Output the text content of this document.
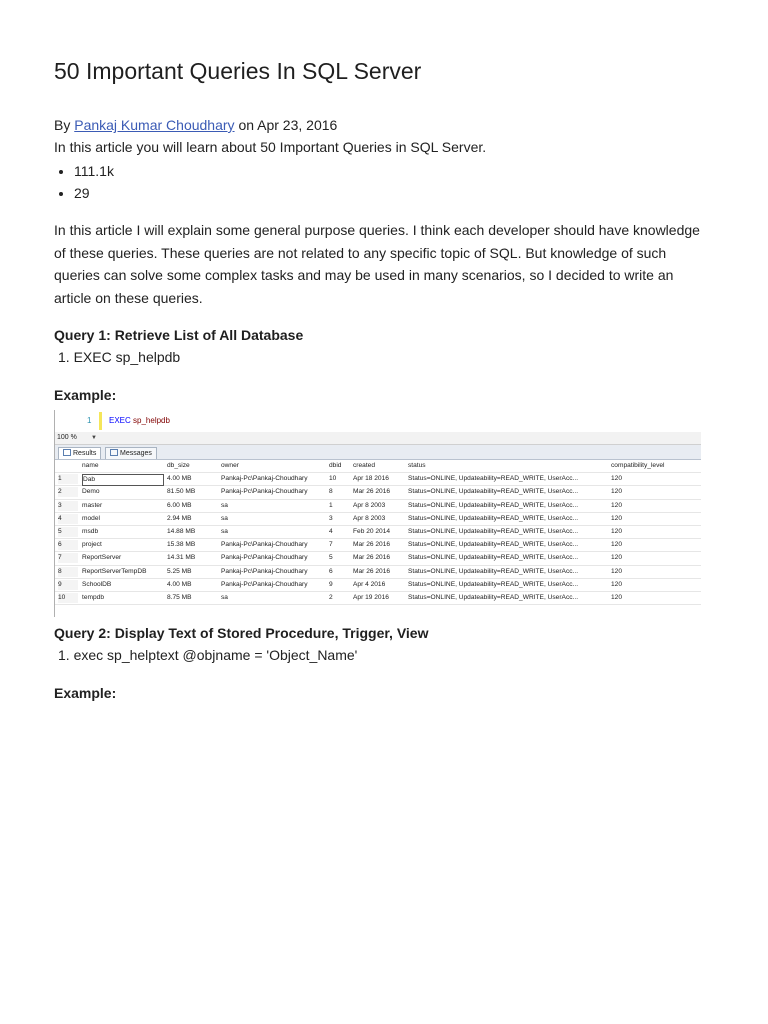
50 Important Queries In SQL Server
By Pankaj Kumar Choudhary on Apr 23, 2016
In this article you will learn about 50 Important Queries in SQL Server.
• 111.1k
• 29

In this article I will explain some general purpose queries. I think each developer should have knowledge of these queries. These queries are not related to any specific topic of SQL. But knowledge of such queries can solve some complex tasks and may be used in many scenarios, so I decided to write an article on these queries.

Query 1: Retrieve List of All Database
1. EXEC sp_helpdb
Example:
1 EXEC sp_helpdb
100 % ▼
Results	Messages
name	db_size	owner	dbid	created	status	compatibility_level
1	Dab	4.00 MB	Pankaj-Pc\Pankaj-Choudhary	10	Apr 18 2016	Status=ONLINE, Updateability=READ_WRITE, UserAcc...	120
2	Demo	81.50 MB	Pankaj-Pc\Pankaj-Choudhary	8	Mar 26 2016	Status=ONLINE, Updateability=READ_WRITE, UserAcc...	120
3	master	6.00 MB	sa	1	Apr 8 2003	Status=ONLINE, Updateability=READ_WRITE, UserAcc...	120
4	model	2.94 MB	sa	3	Apr 8 2003	Status=ONLINE, Updateability=READ_WRITE, UserAcc...	120
5	msdb	14.88 MB	sa	4	Feb 20 2014	Status=ONLINE, Updateability=READ_WRITE, UserAcc...	120
6	project	15.38 MB	Pankaj-Pc\Pankaj-Choudhary	7	Mar 26 2016	Status=ONLINE, Updateability=READ_WRITE, UserAcc...	120
7	ReportServer	14.31 MB	Pankaj-Pc\Pankaj-Choudhary	5	Mar 26 2016	Status=ONLINE, Updateability=READ_WRITE, UserAcc...	120
8	ReportServerTempDB	5.25 MB	Pankaj-Pc\Pankaj-Choudhary	6	Mar 26 2016	Status=ONLINE, Updateability=READ_WRITE, UserAcc...	120
9	SchoolDB	4.00 MB	Pankaj-Pc\Pankaj-Choudhary	9	Apr 4 2016	Status=ONLINE, Updateability=READ_WRITE, UserAcc...	120
10	tempdb	8.75 MB	sa	2	Apr 19 2016	Status=ONLINE, Updateability=READ_WRITE, UserAcc...	120
Query 2: Display Text of Stored Procedure, Trigger, View
1. exec sp_helptext @objname = 'Object_Name'
Example:
